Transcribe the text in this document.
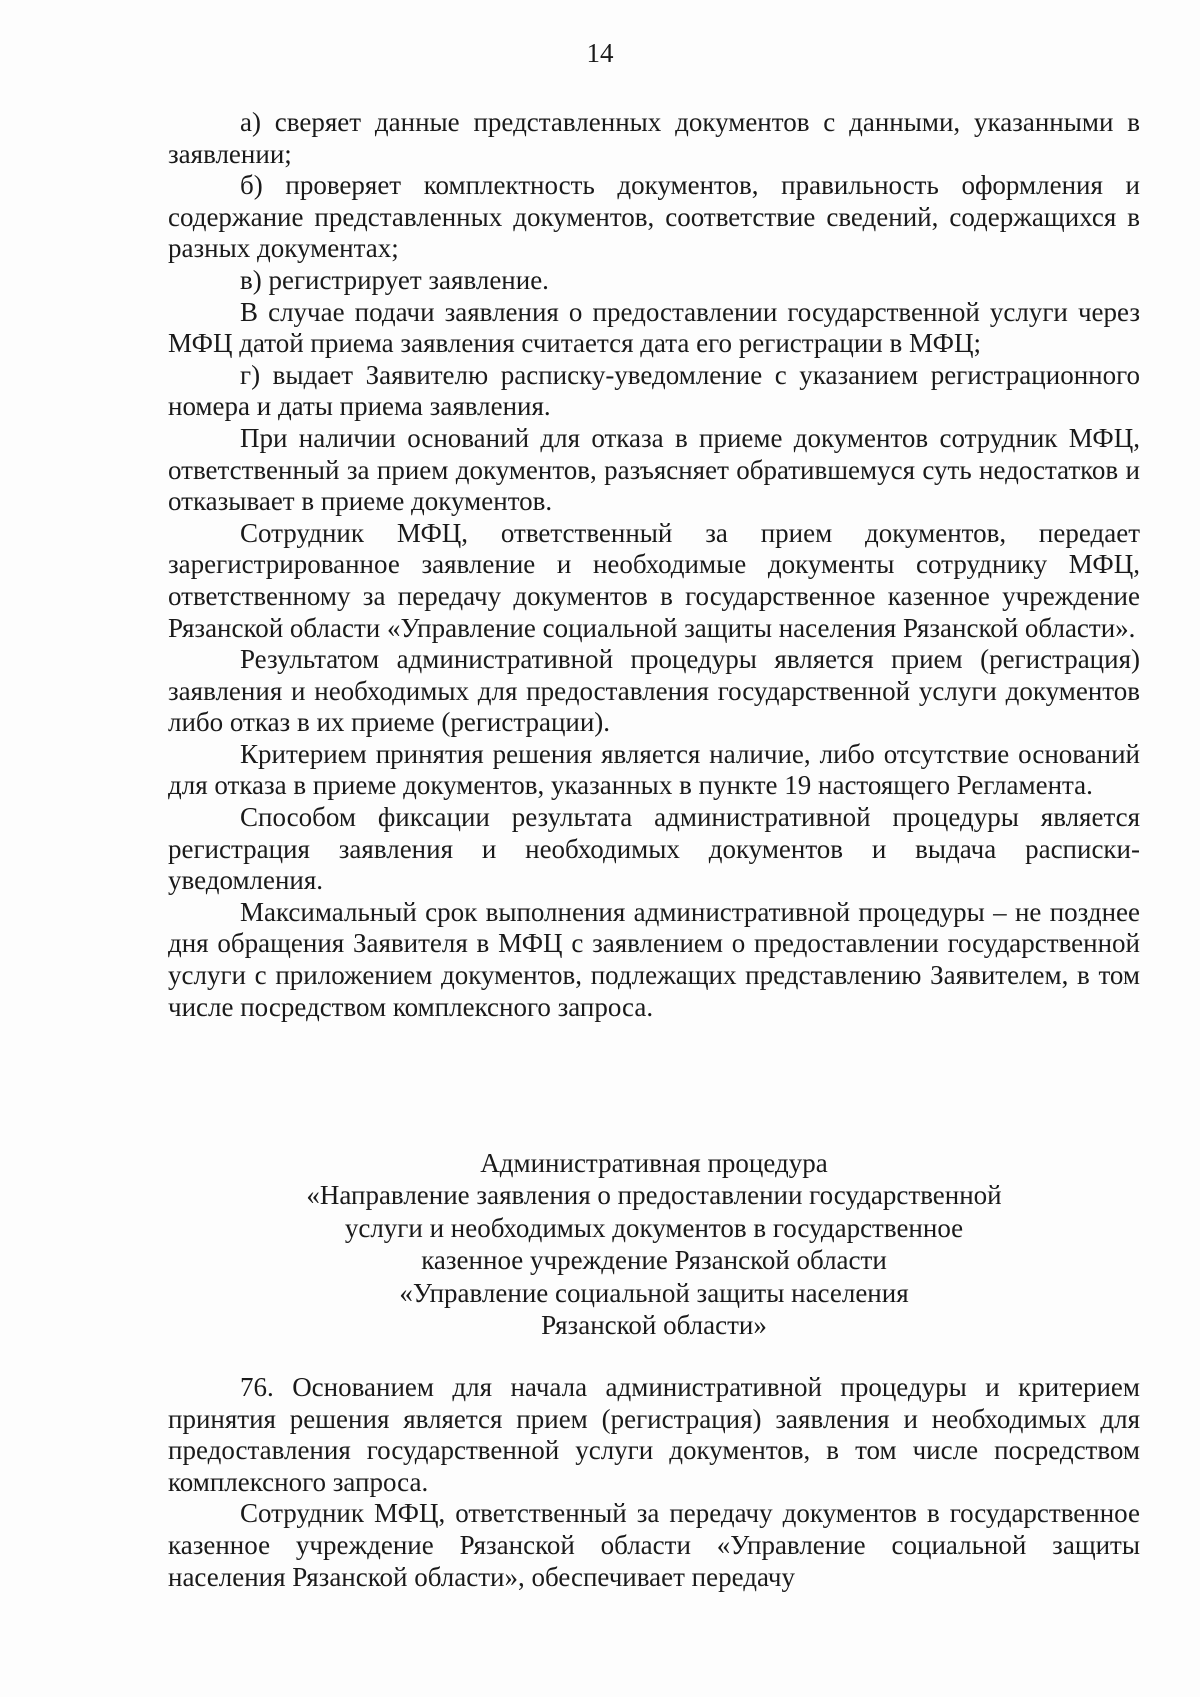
14

а) сверяет данные представленных документов с данными, указанными в заявлении;

б) проверяет комплектность документов, правильность оформления и содержание представленных документов, соответствие сведений, содержащихся в разных документах;

в) регистрирует заявление.

В случае подачи заявления о предоставлении государственной услуги через МФЦ датой приема заявления считается дата его регистрации в МФЦ;

г) выдает Заявителю расписку-уведомление с указанием регистрационного номера и даты приема заявления.

При наличии оснований для отказа в приеме документов сотрудник МФЦ, ответственный за прием документов, разъясняет обратившемуся суть недостатков и отказывает в приеме документов.

Сотрудник МФЦ, ответственный за прием документов, передает зарегистрированное заявление и необходимые документы сотруднику МФЦ, ответственному за передачу документов в государственное казенное учреждение Рязанской области «Управление социальной защиты населения Рязанской области».

Результатом административной процедуры является прием (регистрация) заявления и необходимых для предоставления государственной услуги документов либо отказ в их приеме (регистрации).

Критерием принятия решения является наличие, либо отсутствие оснований для отказа в приеме документов, указанных в пункте 19 настоящего Регламента.

Способом фиксации результата административной процедуры является регистрация заявления и необходимых документов и выдача расписки-уведомления.

Максимальный срок выполнения административной процедуры – не позднее дня обращения Заявителя в МФЦ с заявлением о предоставлении государственной услуги с приложением документов, подлежащих представлению Заявителем, в том числе посредством комплексного запроса.

Административная процедура
«Направление заявления о предоставлении государственной
услуги и необходимых документов в государственное
казенное учреждение Рязанской области
«Управление социальной защиты населения
Рязанской области»

76. Основанием для начала административной процедуры и критерием принятия решения является прием (регистрация) заявления и необходимых для предоставления государственной услуги документов, в том числе посредством комплексного запроса.

Сотрудник МФЦ, ответственный за передачу документов в государственное казенное учреждение Рязанской области «Управление социальной защиты населения Рязанской области», обеспечивает передачу
